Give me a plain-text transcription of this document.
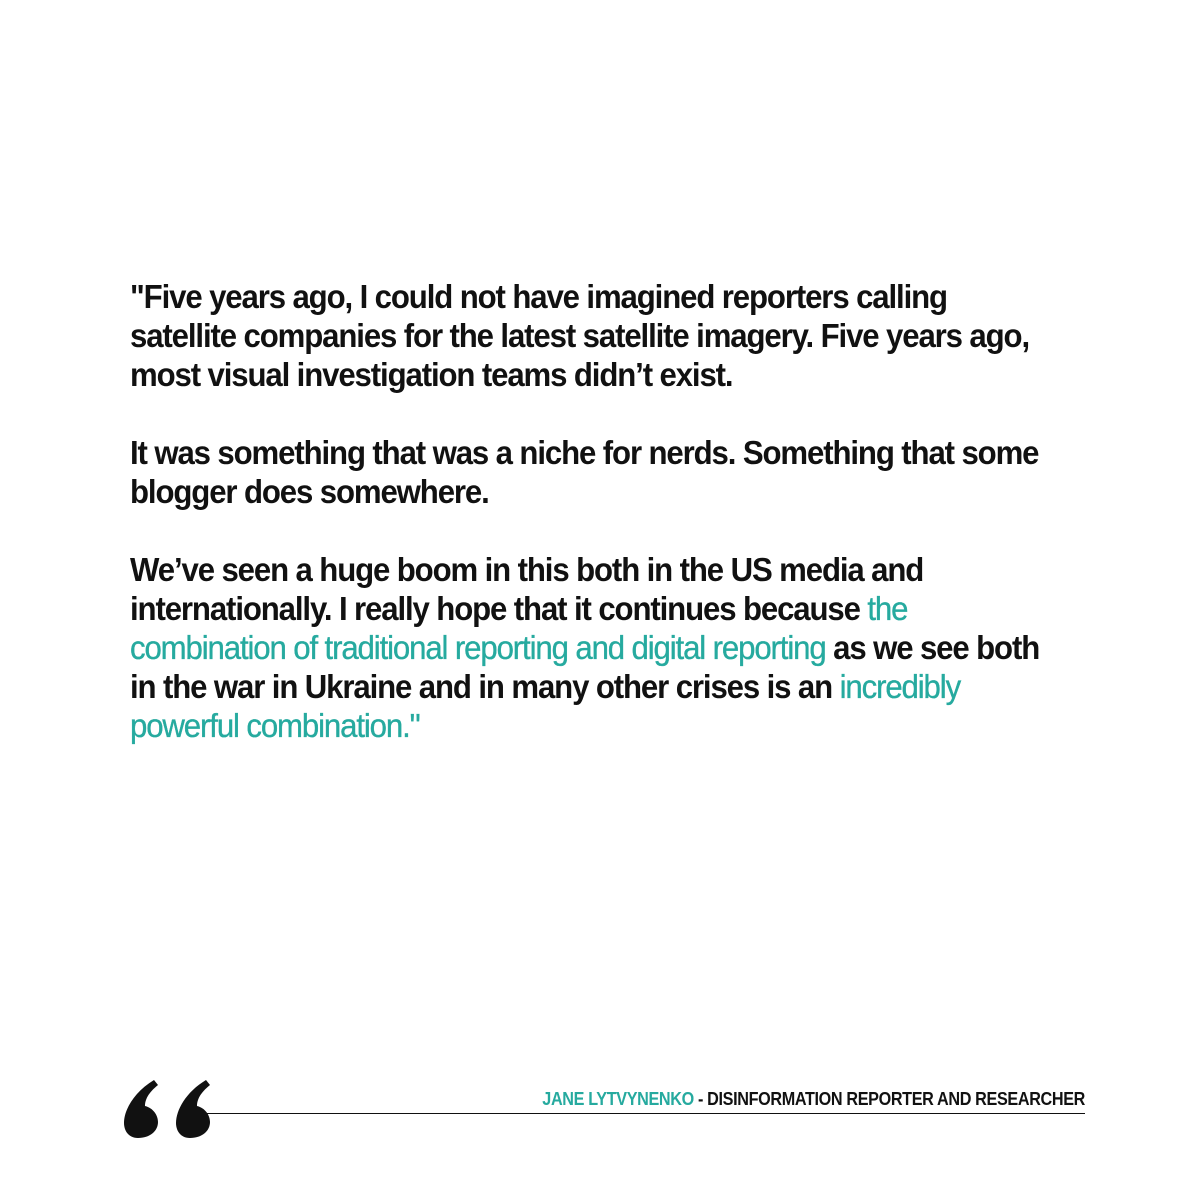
"Five years ago, I could not have imagined reporters calling satellite companies for the latest satellite imagery. Five years ago, most visual investigation teams didn’t exist.

It was something that was a niche for nerds. Something that some blogger does somewhere.

We’ve seen a huge boom in this both in the US media and internationally. I really hope that it continues because the combination of traditional reporting and digital reporting as we see both in the war in Ukraine and in many other crises is an incredibly powerful combination."

JANE LYTVYNENKO - DISINFORMATION REPORTER AND RESEARCHER
